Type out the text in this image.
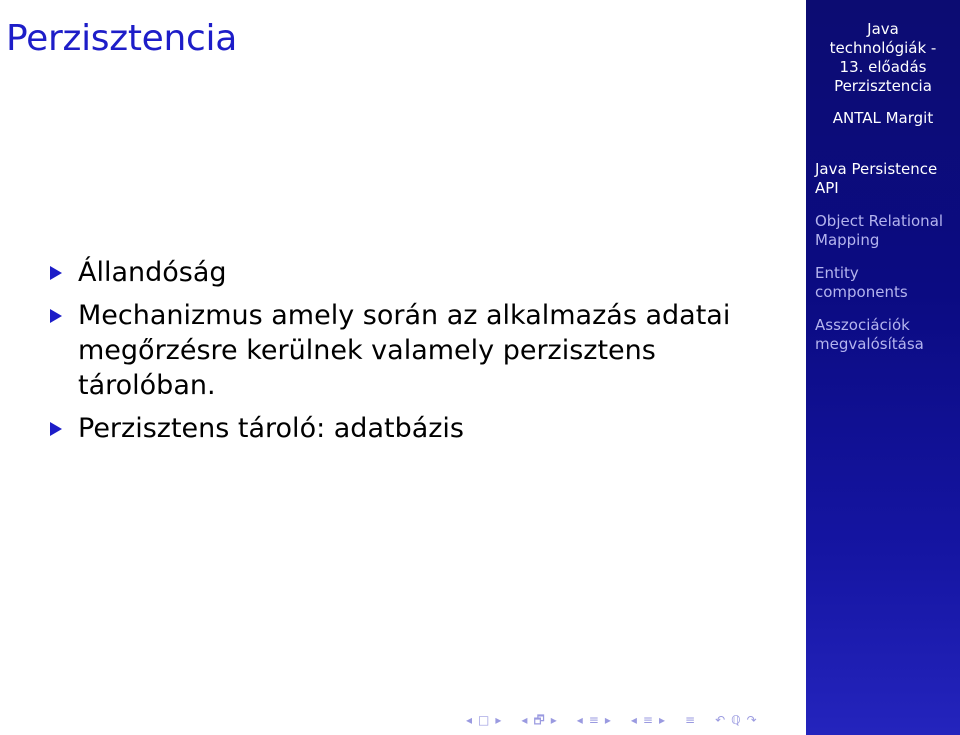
Perzisztencia
Állandóság
Mechanizmus amely során az alkalmazás adatai megőrzésre kerülnek valamely perzisztens tárolóban.
Perzisztens tároló: adatbázis
◂ □ ▸ ◂ 🗗 ▸ ◂ ≡ ▸ ◂ ≡ ▸ ≡ ↶ ℚ ↷
Java
technológiák -
13. előadás
Perzisztencia
ANTAL Margit
Java Persistence API
Object Relational Mapping
Entity components
Asszociációk megvalósítása
